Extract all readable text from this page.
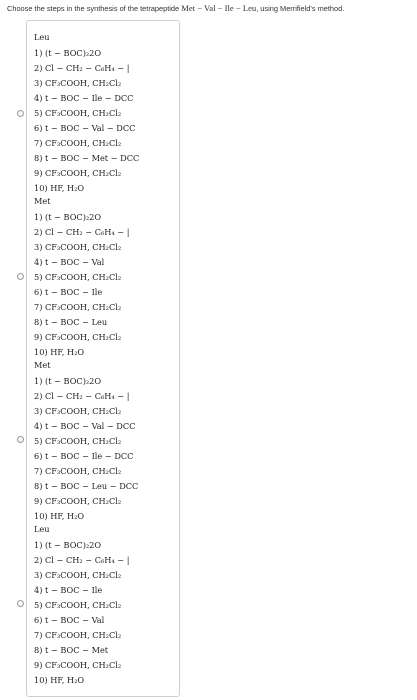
Choose the steps in the synthesis of the tetrapeptide Met − Val − Ile − Leu, using Merrifield's method.
Leu
1) (t − BOC)₂2O
2) Cl − CH₂ − C₆H₄ − |
3) CF₃COOH, CH₂Cl₂
4) t − BOC − Ile − DCC
5) CF₃COOH, CH₂Cl₂
6) t − BOC − Val − DCC
7) CF₃COOH, CH₂Cl₂
8) t − BOC − Met − DCC
9) CF₃COOH, CH₂Cl₂
10) HF, H₂O
Met
1) (t − BOC)₂2O
2) Cl − CH₂ − C₆H₄ − |
3) CF₃COOH, CH₂Cl₂
4) t − BOC − Val
5) CF₃COOH, CH₂Cl₂
6) t − BOC − Ile
7) CF₃COOH, CH₂Cl₂
8) t − BOC − Leu
9) CF₃COOH, CH₂Cl₂
10) HF, H₂O
Met
1) (t − BOC)₂2O
2) Cl − CH₂ − C₆H₄ − |
3) CF₃COOH, CH₂Cl₂
4) t − BOC − Val − DCC
5) CF₃COOH, CH₂Cl₂
6) t − BOC − Ile − DCC
7) CF₃COOH, CH₂Cl₂
8) t − BOC − Leu − DCC
9) CF₃COOH, CH₂Cl₂
10) HF, H₂O
Leu
1) (t − BOC)₂2O
2) Cl − CH₂ − C₆H₄ − |
3) CF₃COOH, CH₂Cl₂
4) t − BOC − Ile
5) CF₃COOH, CH₂Cl₂
6) t − BOC − Val
7) CF₃COOH, CH₂Cl₂
8) t − BOC − Met
9) CF₃COOH, CH₂Cl₂
10) HF, H₂O
